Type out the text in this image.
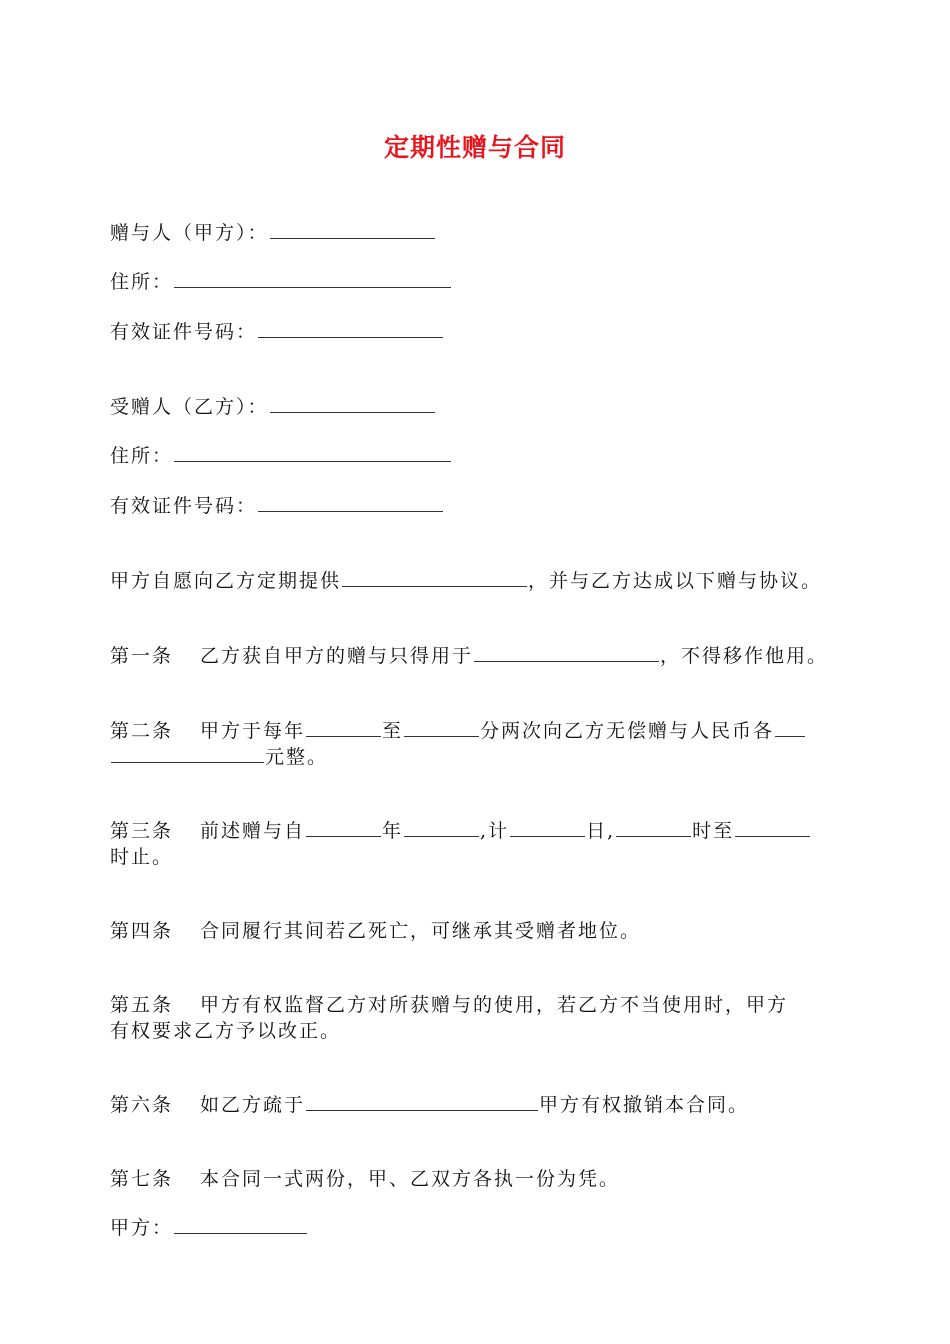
定期性赠与合同
赠与人（甲方）：
住所：
有效证件号码：
受赠人（乙方）：
住所：
有效证件号码：
甲方自愿向乙方定期提供	，并与乙方达成以下赠与协议。
第一条 乙方获自甲方的赠与只得用于	，不得移作他用。
第二条 甲方于每年	至	分两次向乙方无偿赠与人民币各
元整。
第三条 前述赠与自	年	,计	日,	时至
时止。
第四条 合同履行其间若乙死亡，可继承其受赠者地位。
第五条 甲方有权监督乙方对所获赠与的使用，若乙方不当使用时，甲方
有权要求乙方予以改正。
第六条 如乙方疏于	甲方有权撤销本合同。
第七条 本合同一式两份，甲、乙双方各执一份为凭。
甲方：
